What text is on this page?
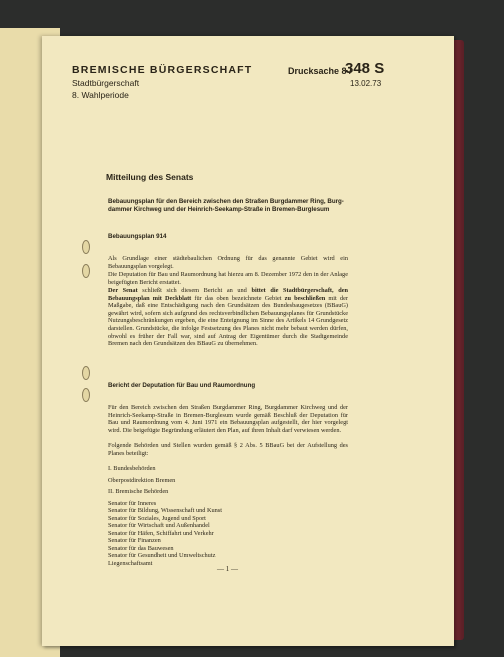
BREMISCHE BÜRGERSCHAFT
Stadtbürgerschaft
8. Wahlperiode
Drucksache 8 /
348 S
13.02.73
Mitteilung des Senats
Bebauungsplan für den Bereich zwischen den Straßen Burgdammer Ring, Burg-
dammer Kirchweg und der Heinrich-Seekamp-Straße in Bremen-Burglesum
Bebauungsplan 914
Als Grundlage einer städtebaulichen Ordnung für das genannte Gebiet wird ein Bebauungsplan vorgelegt.
Die Deputation für Bau und Raumordnung hat hierzu am 8. Dezember 1972 den in der Anlage beigefügten Bericht erstattet.
Der Senat schließt sich diesem Bericht an und bittet die Stadtbürgerschaft, den Bebauungsplan mit Deckblatt für das oben bezeichnete Gebiet zu beschließen mit der Maßgabe, daß eine Entschädigung nach den Grundsätzen des Bundesbaugesetzes (BBauG) gewährt wird, sofern sich aufgrund des rechtsverbindlichen Bebauungsplanes für Grundstücke Nutzungsbeschränkungen ergeben, die eine Enteignung im Sinne des Artikels 14 Grundgesetz darstellen. Grundstücke, die infolge Festsetzung des Planes nicht mehr bebaut werden dürfen, obwohl es früher der Fall war, sind auf Antrag der Eigentümer durch die Stadtgemeinde Bremen nach den Grundsätzen des BBauG zu übernehmen.
Bericht der Deputation für Bau und Raumordnung
Für den Bereich zwischen den Straßen Burgdammer Ring, Burgdammer Kirchweg und der Heinrich-Seekamp-Straße in Bremen-Burglesum wurde gemäß Beschluß der Deputation für Bau und Raumordnung vom 4. Juni 1971 ein Bebauungsplan aufgestellt, der hier vorgelegt wird. Die beigefügte Begründung erläutert den Plan, auf ihren Inhalt darf verwiesen werden.
Folgende Behörden und Stellen wurden gemäß § 2 Abs. 5 BBauG bei der Aufstellung des Planes beteiligt:
I. Bundesbehörden
Oberpostdirektion Bremen
II. Bremische Behörden
Senator für Inneres
Senator für Bildung, Wissenschaft und Kunst
Senator für Soziales, Jugend und Sport
Senator für Wirtschaft und Außenhandel
Senator für Häfen, Schiffahrt und Verkehr
Senator für Finanzen
Senator für das Bauwesen
Senator für Gesundheit und Umweltschutz
Liegenschaftsamt
— 1 —
